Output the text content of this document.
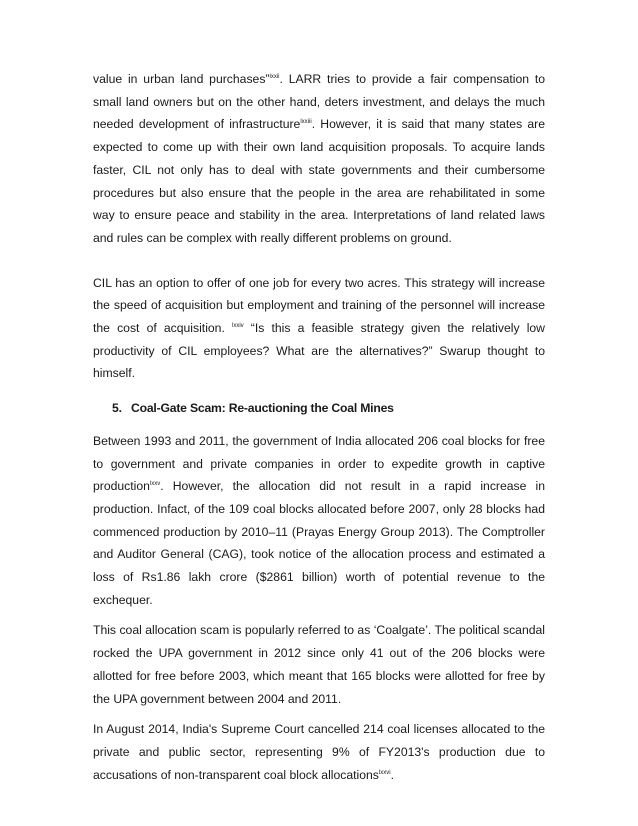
value in urban land purchases”$^{lxxii}$. LARR tries to provide a fair compensation to small land owners but on the other hand, deters investment, and delays the much needed development of infrastructure$^{lxxiii}$. However, it is said that many states are expected to come up with their own land acquisition proposals. To acquire lands faster, CIL not only has to deal with state governments and their cumbersome procedures but also ensure that the people in the area are rehabilitated in some way to ensure peace and stability in the area. Interpretations of land related laws and rules can be complex with really different problems on ground.

CIL has an option to offer of one job for every two acres. This strategy will increase the speed of acquisition but employment and training of the personnel will increase the cost of acquisition. $^{lxxiv}$ “Is this a feasible strategy given the relatively low productivity of CIL employees? What are the alternatives?” Swarup thought to himself.

5. Coal-Gate Scam: Re-auctioning the Coal Mines

Between 1993 and 2011, the government of India allocated 206 coal blocks for free to government and private companies in order to expedite growth in captive production$^{lxxv}$. However, the allocation did not result in a rapid increase in production. Infact, of the 109 coal blocks allocated before 2007, only 28 blocks had commenced production by 2010–11 (Prayas Energy Group 2013). The Comptroller and Auditor General (CAG), took notice of the allocation process and estimated a loss of Rs1.86 lakh crore ($2861 billion) worth of potential revenue to the exchequer.

This coal allocation scam is popularly referred to as ‘Coalgate’. The political scandal rocked the UPA government in 2012 since only 41 out of the 206 blocks were allotted for free before 2003, which meant that 165 blocks were allotted for free by the UPA government between 2004 and 2011.

In August 2014, India's Supreme Court cancelled 214 coal licenses allocated to the private and public sector, representing 9% of FY2013's production due to accusations of non-transparent coal block allocations$^{lxxvi}$.
